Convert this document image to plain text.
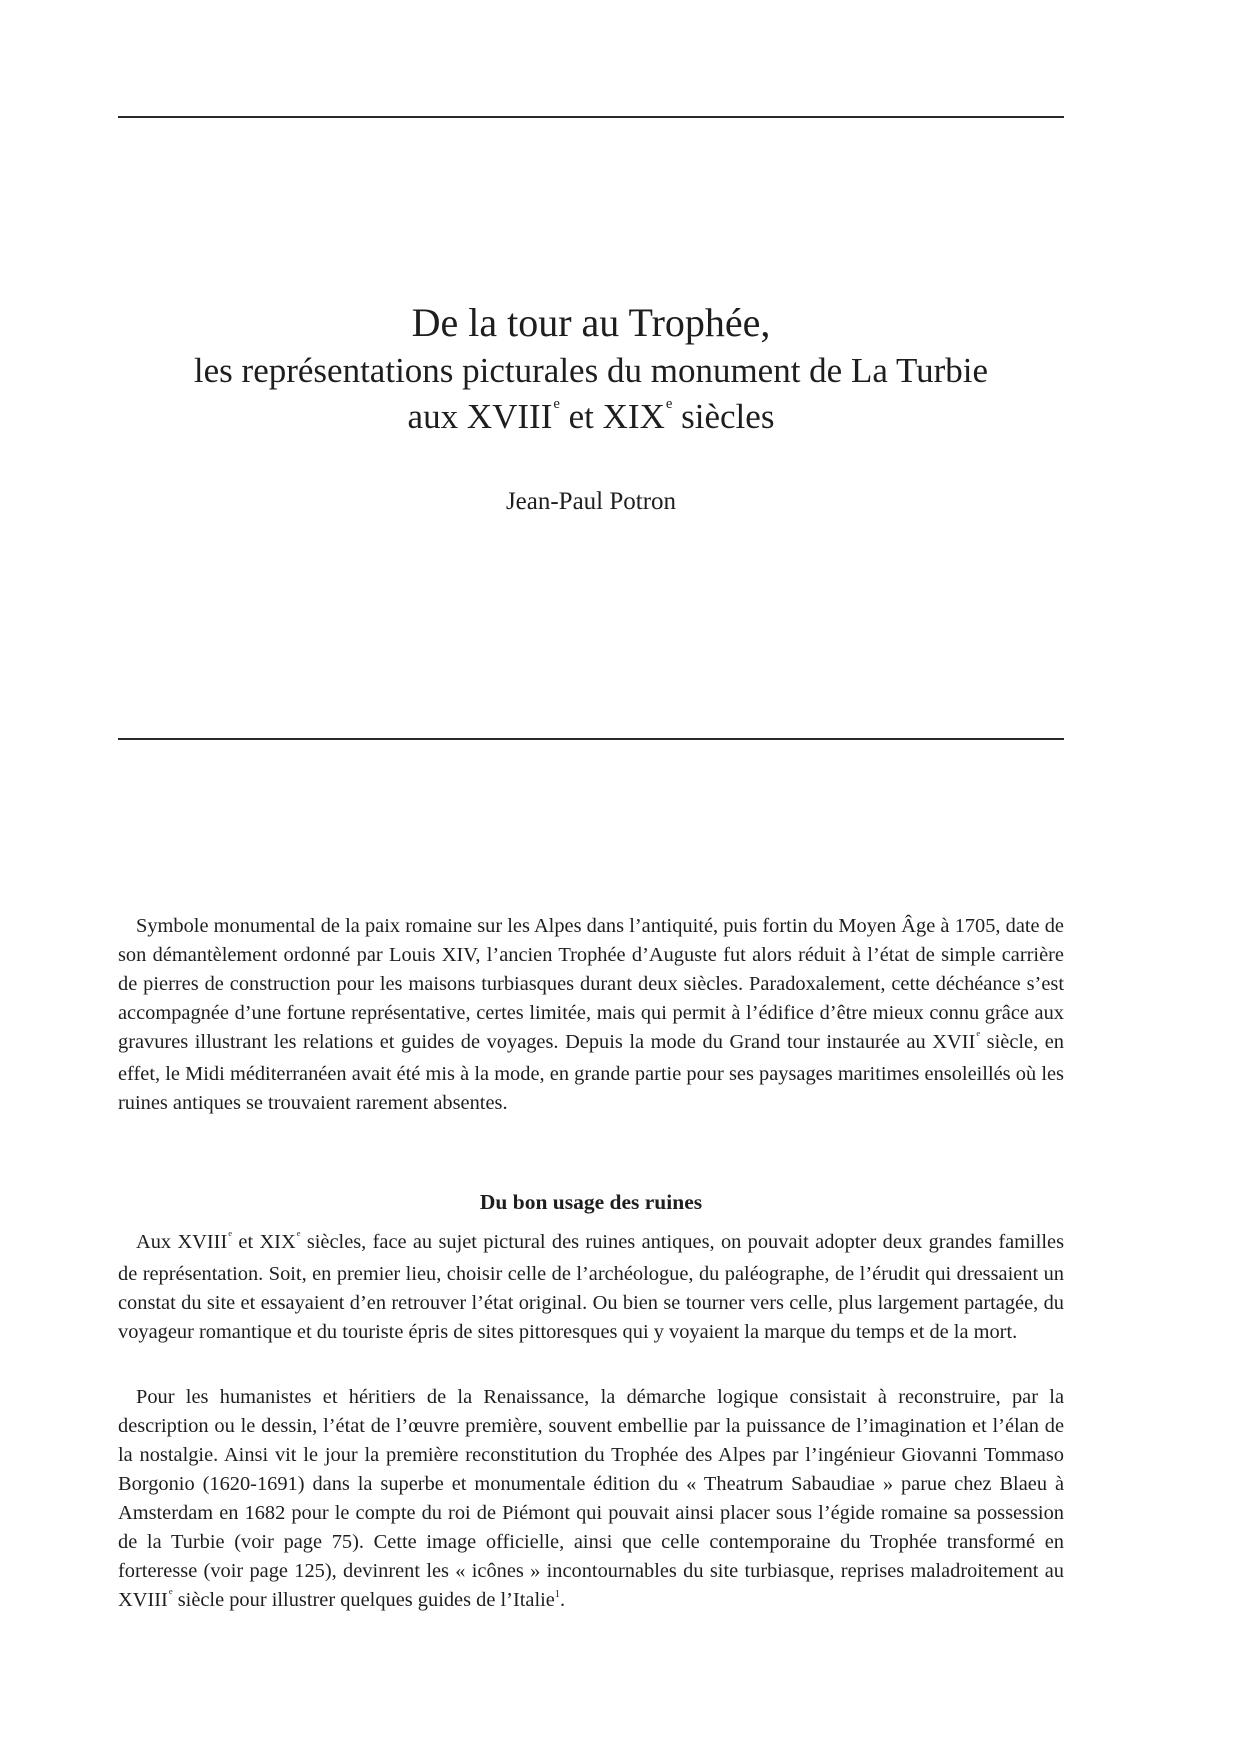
De la tour au Trophée,
les représentations picturales du monument de La Turbie
aux XVIIIe et XIXe siècles
Jean-Paul Potron

Symbole monumental de la paix romaine sur les Alpes dans l’antiquité, puis fortin du Moyen Âge à 1705, date de son démantèlement ordonné par Louis XIV, l’ancien Trophée d’Auguste fut alors réduit à l’état de simple carrière de pierres de construction pour les maisons turbiasques durant deux siècles. Paradoxalement, cette déchéance s’est accompagnée d’une fortune représentative, certes limitée, mais qui permit à l’édifice d’être mieux connu grâce aux gravures illustrant les relations et guides de voyages. Depuis la mode du Grand tour instaurée au XVIIe siècle, en effet, le Midi méditerranéen avait été mis à la mode, en grande partie pour ses paysages maritimes ensoleillés où les ruines antiques se trouvaient rarement absentes.

Du bon usage des ruines

Aux XVIIIe et XIXe siècles, face au sujet pictural des ruines antiques, on pouvait adopter deux grandes familles de représentation. Soit, en premier lieu, choisir celle de l’archéologue, du paléographe, de l’érudit qui dressaient un constat du site et essayaient d’en retrouver l’état original. Ou bien se tourner vers celle, plus largement partagée, du voyageur romantique et du touriste épris de sites pittoresques qui y voyaient la marque du temps et de la mort.

Pour les humanistes et héritiers de la Renaissance, la démarche logique consistait à reconstruire, par la description ou le dessin, l’état de l’œuvre première, souvent embellie par la puissance de l’imagination et l’élan de la nostalgie. Ainsi vit le jour la première reconstitution du Trophée des Alpes par l’ingénieur Giovanni Tommaso Borgonio (1620-1691) dans la superbe et monumentale édition du « Theatrum Sabaudiae » parue chez Blaeu à Amsterdam en 1682 pour le compte du roi de Piémont qui pouvait ainsi placer sous l’égide romaine sa possession de la Turbie (voir page 75). Cette image officielle, ainsi que celle contemporaine du Trophée transformé en forteresse (voir page 125), devinrent les « icônes » incontournables du site turbiasque, reprises maladroitement au XVIIIe siècle pour illustrer quelques guides de l’Italie$^1$.
